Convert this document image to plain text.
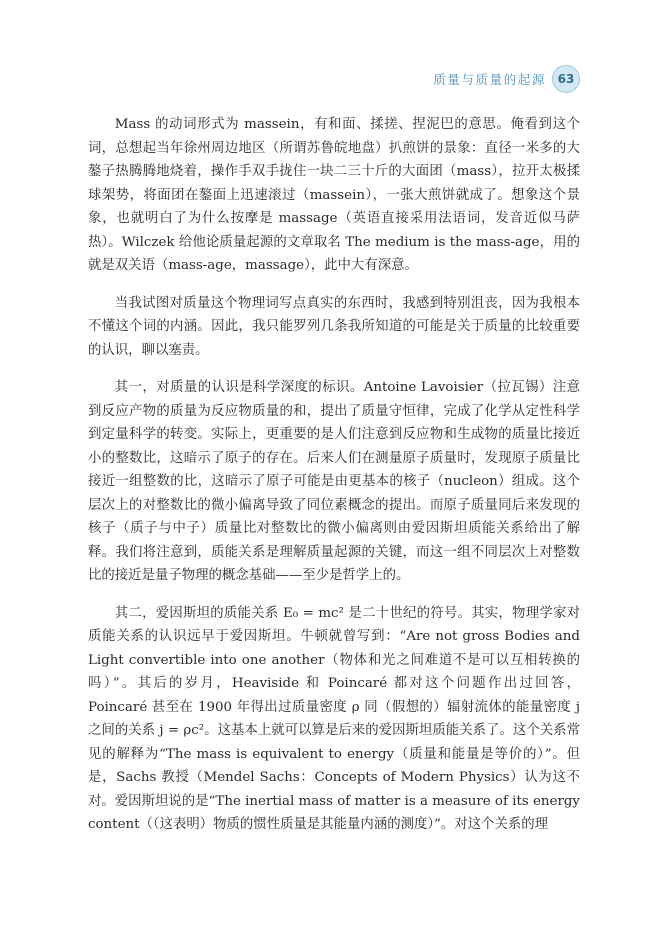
质量与质量的起源 63

Mass 的动词形式为 massein，有和面、揉搓、捏泥巴的意思。俺看到这个词，总想起当年徐州周边地区（所谓苏鲁皖地盘）扒煎饼的景象：直径一米多的大鏊子热腾腾地烧着，操作手双手拢住一块二三十斤的大面团（mass），拉开太极揉球架势，将面团在鏊面上迅速滚过（massein），一张大煎饼就成了。想象这个景象，也就明白了为什么按摩是 massage（英语直接采用法语词，发音近似马萨热）。Wilczek 给他论质量起源的文章取名 The medium is the mass-age，用的就是双关语（mass-age，massage），此中大有深意。

当我试图对质量这个物理词写点真实的东西时，我感到特别沮丧，因为我根本不懂这个词的内涵。因此，我只能罗列几条我所知道的可能是关于质量的比较重要的认识，聊以塞责。

其一，对质量的认识是科学深度的标识。Antoine Lavoisier（拉瓦锡）注意到反应产物的质量为反应物质量的和，提出了质量守恒律，完成了化学从定性科学到定量科学的转变。实际上，更重要的是人们注意到反应物和生成物的质量比接近小的整数比，这暗示了原子的存在。后来人们在测量原子质量时，发现原子质量比接近一组整数的比，这暗示了原子可能是由更基本的核子（nucleon）组成。这个层次上的对整数比的微小偏离导致了同位素概念的提出。而原子质量同后来发现的核子（质子与中子）质量比对整数比的微小偏离则由爱因斯坦质能关系给出了解释。我们将注意到，质能关系是理解质量起源的关键，而这一组不同层次上对整数比的接近是量子物理的概念基础——至少是哲学上的。

其二，爱因斯坦的质能关系 E₀ = mc² 是二十世纪的符号。其实，物理学家对质能关系的认识远早于爱因斯坦。牛顿就曾写到：“Are not gross Bodies and Light convertible into one another（物体和光之间难道不是可以互相转换的吗）”。其后的岁月，Heaviside 和 Poincaré 都对这个问题作出过回答，Poincaré 甚至在 1900 年得出过质量密度 ρ 同（假想的）辐射流体的能量密度 j 之间的关系 j = ρc²。这基本上就可以算是后来的爱因斯坦质能关系了。这个关系常见的解释为“The mass is equivalent to energy（质量和能量是等价的）”。但是，Sachs 教授（Mendel Sachs：Concepts of Modern Physics）认为这不对。爱因斯坦说的是“The inertial mass of matter is a measure of its energy content（（这表明）物质的惯性质量是其能量内涵的测度）”。对这个关系的理
